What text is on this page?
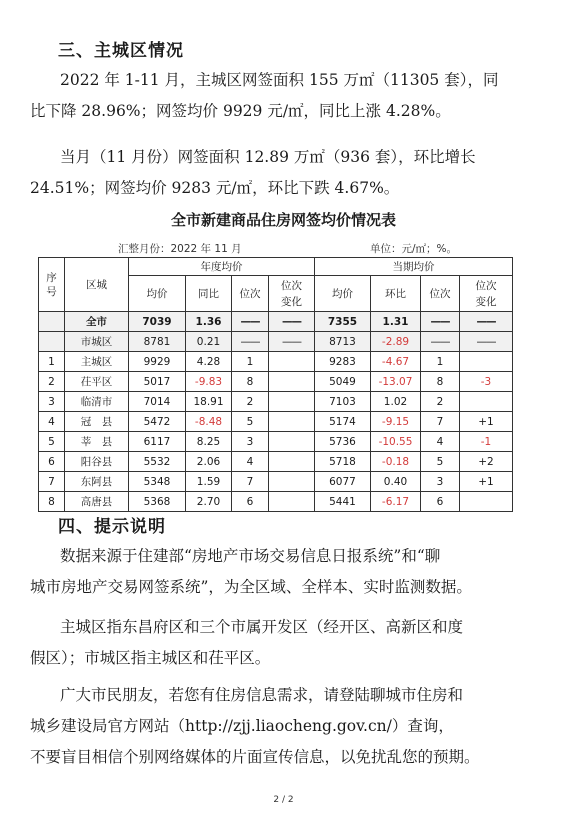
三、主城区情况
2022 年 1-11 月，主城区网签面积 155 万㎡（11305 套），同
比下降 28.96%；网签均价 9929 元/㎡，同比上涨 4.28%。
当月（11 月份）网签面积 12.89 万㎡（936 套），环比增长
24.51%；网签均价 9283 元/㎡，环比下跌 4.67%。
全市新建商品住房网签均价情况表
汇整月份：2022 年 11 月	单位：元/㎡；%。
序号	区城	年度均价				当期均价			
		均价	同比	位次	位次变化	均价	环比	位次	位次变化
	全市	7039	1.36	——	——	7355	1.31	——	——
	市城区	8781	0.21	——	——	8713	-2.89	——	——
1	主城区	9929	4.28	1		9283	-4.67	1	
2	茌平区	5017	-9.83	8		5049	-13.07	8	-3
3	临清市	7014	18.91	2		7103	1.02	2	
4	冠　县	5472	-8.48	5		5174	-9.15	7	+1
5	莘　县	6117	8.25	3		5736	-10.55	4	-1
6	阳谷县	5532	2.06	4		5718	-0.18	5	+2
7	东阿县	5348	1.59	7		6077	0.40	3	+1
8	高唐县	5368	2.70	6		5441	-6.17	6	
四、提示说明
数据来源于住建部“房地产市场交易信息日报系统”和“聊
城市房地产交易网签系统”，为全区域、全样本、实时监测数据。
主城区指东昌府区和三个市属开发区（经开区、高新区和度
假区）；市城区指主城区和茌平区。
广大市民朋友，若您有住房信息需求，请登陆聊城市住房和
城乡建设局官方网站（http://zjj.liaocheng.gov.cn/）查询，
不要盲目相信个别网络媒体的片面宣传信息，以免扰乱您的预期。
2 / 2
